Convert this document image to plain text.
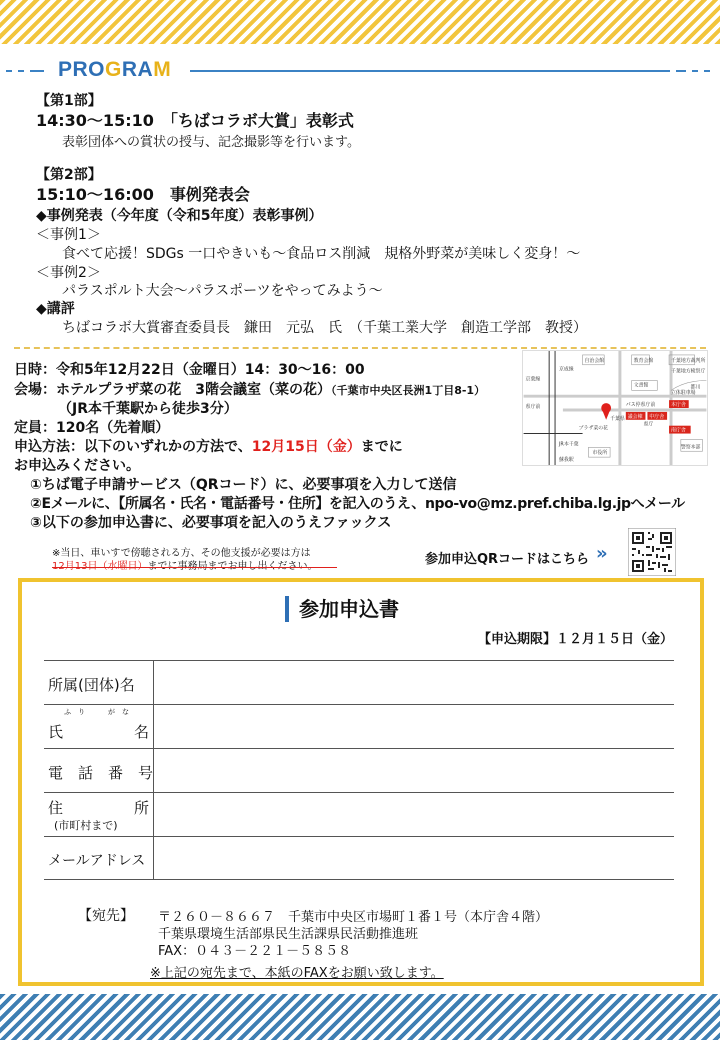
PROGRAM
【第1部】
14:30～15:10　「ちばコラボ大賞」表彰式
表彰団体への賞状の授与、記念撮影等を行います。
【第2部】
15:10～16:00　事例発表会
◆事例発表（今年度（令和5年度）表彰事例）
＜事例1＞
食べて応援！SDGs 一口やきいも～食品ロス削減　規格外野菜が美味しく変身！～
＜事例2＞
パラスポルト大会～パラスポーツをやってみよう～
◆講評
ちばコラボ大賞審査委員長　鎌田　元弘　氏　（千葉工業大学　創造工学部　教授）
日時：令和5年12月22日（金曜日）14：30～16：00
会場：ホテルプラザ菜の花　3階会議室（菜の花）（千葉市中央区長洲1丁目8-1）
（JR本千葉駅から徒歩3分）
定員：120名（先着順）
申込方法：以下のいずれかの方法で、12月15日（金）までに
お申込みください。
①ちば電子申請サービス（QRコード）に、必要事項を入力して送信
②Eメールに、【所属名・氏名・電話番号・住所】を記入のうえ、npo-vo@mz.pref.chiba.lg.jpへメール
③以下の参加申込書に、必要事項を記入のうえファックス
※当日、車いすで傍聴される方、その他支援が必要は方は
12月13日（水曜日）までに事務局までお申し出ください。	参加申込QRコードはこちら »
自治会館	教育会館	千葉地方裁判所
千葉地方検察庁
都川
文書館
立体駐車場
パス停県庁前	本庁舎
議会棟 中庁舎
県庁
南庁舎
プラザ菜の花
千葉県
京葉線
JR本千葉
市役所
警察本部
京成線
蘇我駅
県庁前
参加申込書
【申込期限】１２月１５日（金）
所属(団体)名
ふ　り	が　な
氏	名
電　話　番　号
住	所
(市町村まで)
メールアドレス
【宛先】 〒２６０－８６６７　千葉市中央区市場町１番１号（本庁舎４階）
千葉県環境生活部県民生活課県民活動推進班
FAX：０４３－２２１－５８５８
※上記の宛先まで、本紙のFAXをお願い致します。
